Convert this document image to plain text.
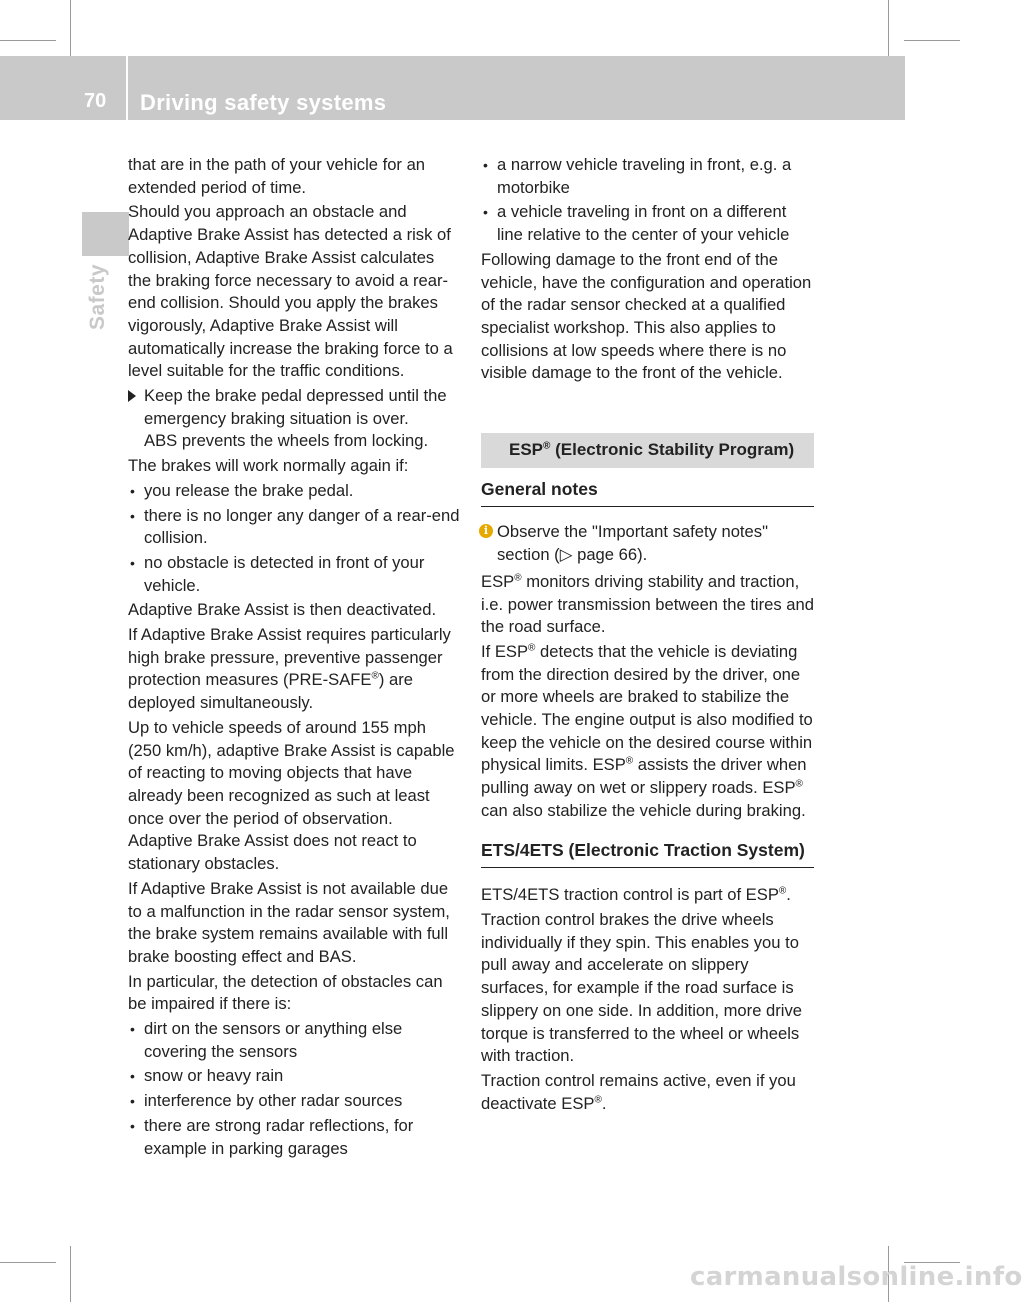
70 Driving safety systems
Safety

that are in the path of your vehicle for an extended period of time.

Should you approach an obstacle and Adaptive Brake Assist has detected a risk of collision, Adaptive Brake Assist calculates the braking force necessary to avoid a rear-end collision. Should you apply the brakes vigorously, Adaptive Brake Assist will automatically increase the braking force to a level suitable for the traffic conditions.

Keep the brake pedal depressed until the emergency braking situation is over.

ABS prevents the wheels from locking.

The brakes will work normally again if:

• you release the brake pedal.

• there is no longer any danger of a rear-end collision.

• no obstacle is detected in front of your vehicle.

Adaptive Brake Assist is then deactivated.

If Adaptive Brake Assist requires particularly high brake pressure, preventive passenger protection measures (PRE-SAFE®) are deployed simultaneously.

Up to vehicle speeds of around 155 mph (250 km/h), adaptive Brake Assist is capable of reacting to moving objects that have already been recognized as such at least once over the period of observation. Adaptive Brake Assist does not react to stationary obstacles.

If Adaptive Brake Assist is not available due to a malfunction in the radar sensor system, the brake system remains available with full brake boosting effect and BAS.

In particular, the detection of obstacles can be impaired if there is:

• dirt on the sensors or anything else covering the sensors

• snow or heavy rain

• interference by other radar sources

• there are strong radar reflections, for example in parking garages

• a narrow vehicle traveling in front, e.g. a motorbike

• a vehicle traveling in front on a different line relative to the center of your vehicle

Following damage to the front end of the vehicle, have the configuration and operation of the radar sensor checked at a qualified specialist workshop. This also applies to collisions at low speeds where there is no visible damage to the front of the vehicle.

ESP® (Electronic Stability Program)
General notes
i Observe the "Important safety notes" section (▷ page 66).

ESP® monitors driving stability and traction, i.e. power transmission between the tires and the road surface.

If ESP® detects that the vehicle is deviating from the direction desired by the driver, one or more wheels are braked to stabilize the vehicle. The engine output is also modified to keep the vehicle on the desired course within physical limits. ESP® assists the driver when pulling away on wet or slippery roads. ESP® can also stabilize the vehicle during braking.

ETS/4ETS (Electronic Traction System)

ETS/4ETS traction control is part of ESP®.

Traction control brakes the drive wheels individually if they spin. This enables you to pull away and accelerate on slippery surfaces, for example if the road surface is slippery on one side. In addition, more drive torque is transferred to the wheel or wheels with traction.

Traction control remains active, even if you deactivate ESP®.

carmanualsonline.info
